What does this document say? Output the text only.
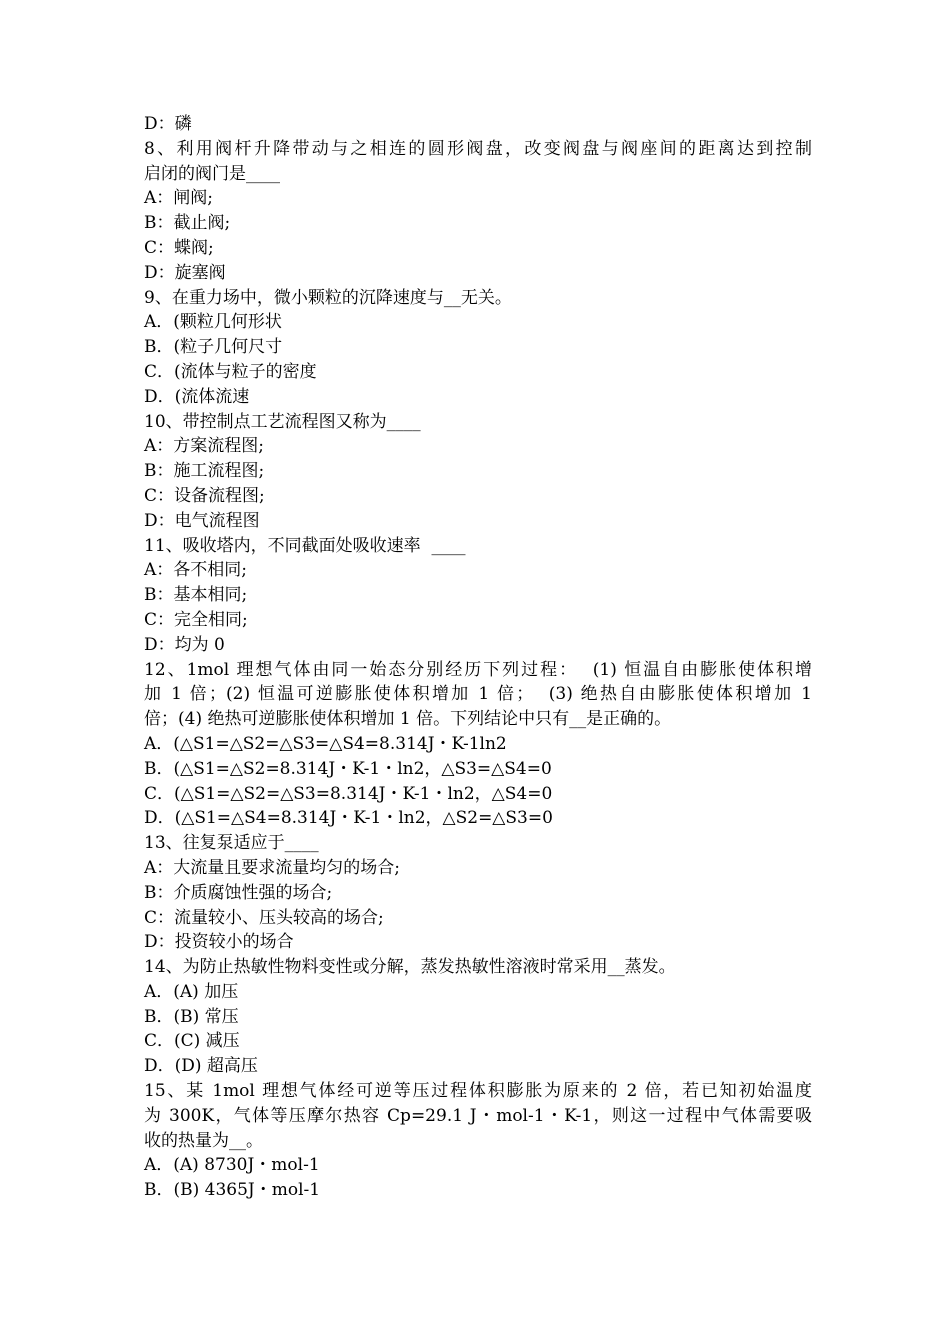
D：磷
8、利用阀杆升降带动与之相连的圆形阀盘，改变阀盘与阀座间的距离达到控制
启闭的阀门是____
A：闸阀;
B：截止阀;
C：蝶阀;
D：旋塞阀
9、在重力场中，微小颗粒的沉降速度与__无关。
A．(颗粒几何形状
B．(粒子几何尺寸
C．(流体与粒子的密度
D．(流体流速
10、带控制点工艺流程图又称为____
A：方案流程图;
B：施工流程图;
C：设备流程图;
D：电气流程图
11、吸收塔内，不同截面处吸收速率  ____
A：各不相同;
B：基本相同;
C：完全相同;
D：均为 0
12、1mol 理想气体由同一始态分别经历下列过程：  (1) 恒温自由膨胀使体积增
加 1 倍；(2) 恒温可逆膨胀使体积增加 1 倍；  (3) 绝热自由膨胀使体积增加 1
倍；(4) 绝热可逆膨胀使体积增加 1 倍。下列结论中只有__是正确的。
A．(△S1=△S2=△S3=△S4=8.314J・K-1ln2
B．(△S1=△S2=8.314J・K-1・ln2，△S3=△S4=0
C．(△S1=△S2=△S3=8.314J・K-1・ln2，△S4=0
D．(△S1=△S4=8.314J・K-1・ln2，△S2=△S3=0
13、往复泵适应于____
A：大流量且要求流量均匀的场合;
B：介质腐蚀性强的场合;
C：流量较小、压头较高的场合;
D：投资较小的场合
14、为防止热敏性物料变性或分解，蒸发热敏性溶液时常采用__蒸发。
A．(A) 加压
B．(B) 常压
C．(C) 减压
D．(D) 超高压
15、某 1mol 理想气体经可逆等压过程体积膨胀为原来的 2 倍，若已知初始温度
为 300K，气体等压摩尔热容 Cp=29.1 J・mol-1・K-1，则这一过程中气体需要吸
收的热量为__。
A．(A) 8730J・mol-1
B．(B) 4365J・mol-1
